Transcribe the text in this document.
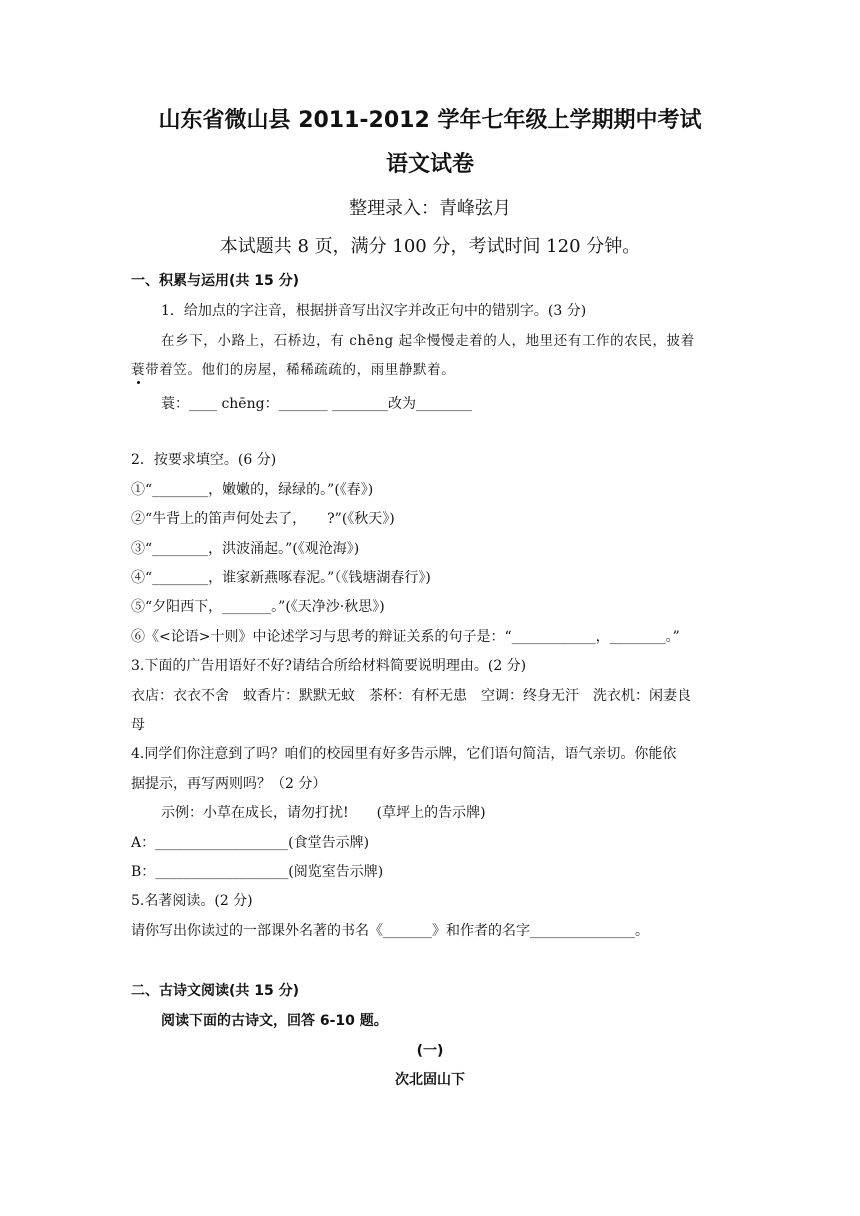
山东省微山县 2011-2012 学年七年级上学期期中考试
语文试卷
整理录入：青峰弦月
本试题共 8 页，满分 100 分，考试时间 120 分钟。
一、积累与运用(共 15 分)
1．给加点的字注音，根据拼音写出汉字并改正句中的错别字。(3 分)
在乡下，小路上，石桥边，有 chēng 起伞慢慢走着的人，地里还有工作的农民，披着
蓑带着笠。他们的房屋，稀稀疏疏的，雨里静默着。
蓑：____ chēng：_______ ________改为________
2．按要求填空。(6 分)
①“________，嫩嫩的，绿绿的。”(《春》)
②“牛背上的笛声何处去了，　　?”(《秋天》)
③“________，洪波涌起。”(《观沧海》)
④“________，谁家新燕啄春泥。”（《钱塘湖春行》)
⑤“夕阳西下，_______。”(《天净沙·秋思》)
⑥《<论语>十则》中论述学习与思考的辩证关系的句子是：“____________，________。”
3.下面的广告用语好不好?请结合所给材料简要说明理由。(2 分)
衣店：衣衣不舍　蚊香片：默默无蚊　茶杯：有杯无患　空调：终身无汗　洗衣机：闲妻良
母
4.同学们你注意到了吗？咱们的校园里有好多告示牌，它们语句简洁，语气亲切。你能依
据提示，再写两则吗？（2 分）
示例：小草在成长，请勿打扰!　　(草坪上的告示牌)
A：___________________(食堂告示牌)
B：___________________(阅览室告示牌)
5.名著阅读。(2 分)
请你写出你读过的一部课外名著的书名《_______》和作者的名字_______________。
二、古诗文阅读(共 15 分)
阅读下面的古诗文，回答 6-10 题。
(一)
次北固山下
